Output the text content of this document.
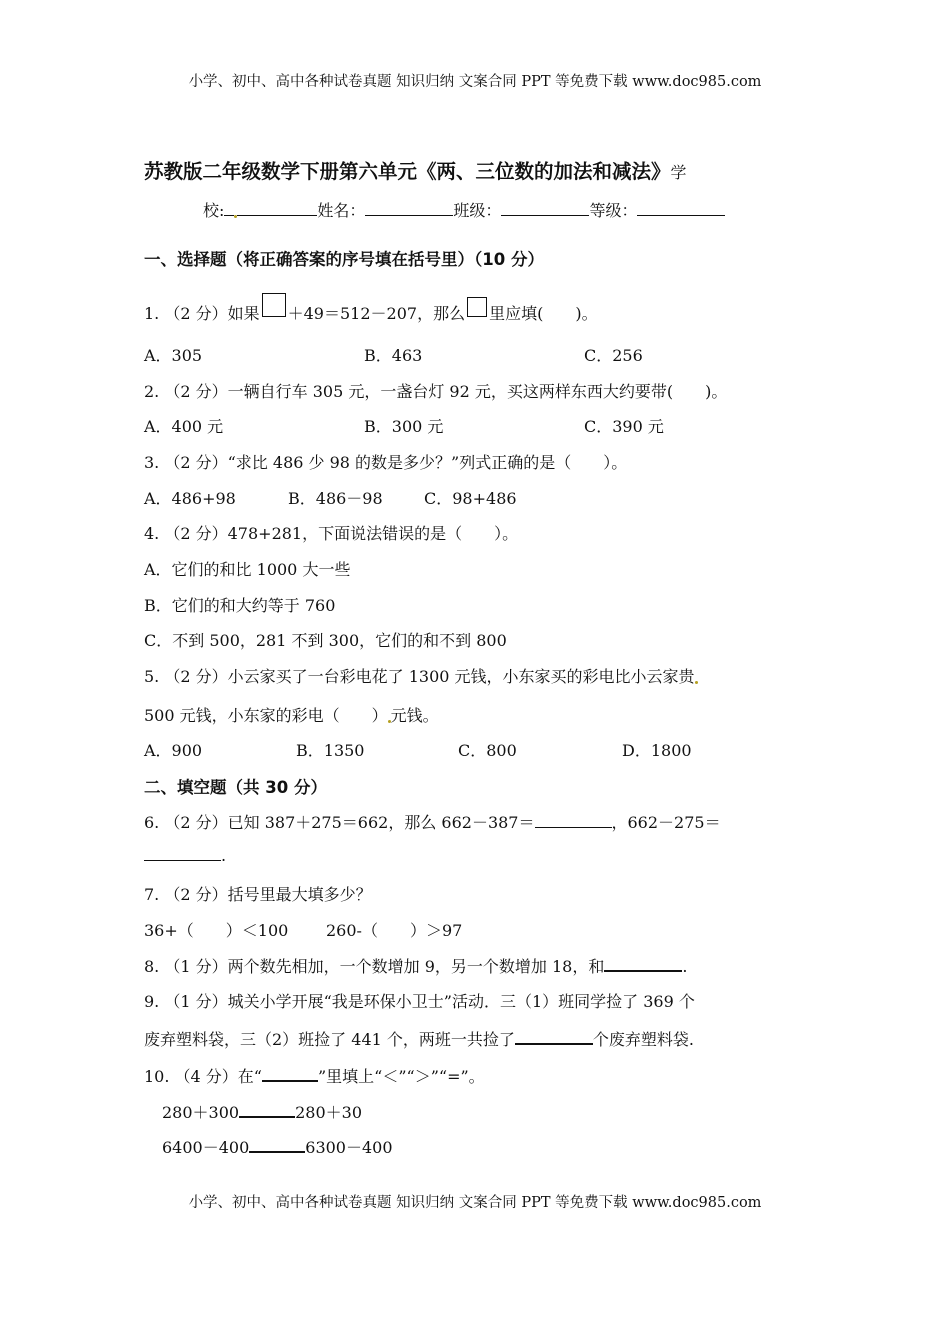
小学、初中、高中各种试卷真题 知识归纳 文案合同 PPT 等免费下载 www.doc985.com
苏教版二年级数学下册第六单元《两、三位数的加法和减法》学
校:	姓名：	班级：	等级：
一、选择题（将正确答案的序号填在括号里）（10 分）
1. （2 分）如果 ＋49＝512－207，那么 里应填(　　)。
A．305	B．463	C．256
2. （2 分）一辆自行车 305 元，一盏台灯 92 元，买这两样东西大约要带(　　)。
A．400 元	B．300 元	C．390 元
3. （2 分）“求比 486 少 98 的数是多少？”列式正确的是（　　）。
A．486+98	B．486－98	C．98+486
4. （2 分）478+281，下面说法错误的是（　　）。
A．它们的和比 1000 大一些
B．它们的和大约等于 760
C．不到 500，281 不到 300，它们的和不到 800
5. （2 分）小云家买了一台彩电花了 1300 元钱，小东家买的彩电比小云家贵
500 元钱，小东家的彩电（　　） 元钱。
A．900	B．1350	C．800	D．1800
二、填空题（共 30 分）
6. （2 分）已知 387＋275＝662，那么 662－387＝	，662－275＝
.
7. （2 分）括号里最大填多少？
36+（　　）＜100 260-（　　）＞97
8. （1 分）两个数先相加，一个数增加 9，另一个数增加 18，和	.
9. （1 分）城关小学开展“我是环保小卫士”活动．三（1）班同学捡了 369 个
废弃塑料袋，三（2）班捡了 441 个，两班一共捡了	个废弃塑料袋.
10. （4 分）在“	”里填上“＜”“＞”“=”。
280＋300	280＋30
6400－400	6300－400
小学、初中、高中各种试卷真题 知识归纳 文案合同 PPT 等免费下载 www.doc985.com
